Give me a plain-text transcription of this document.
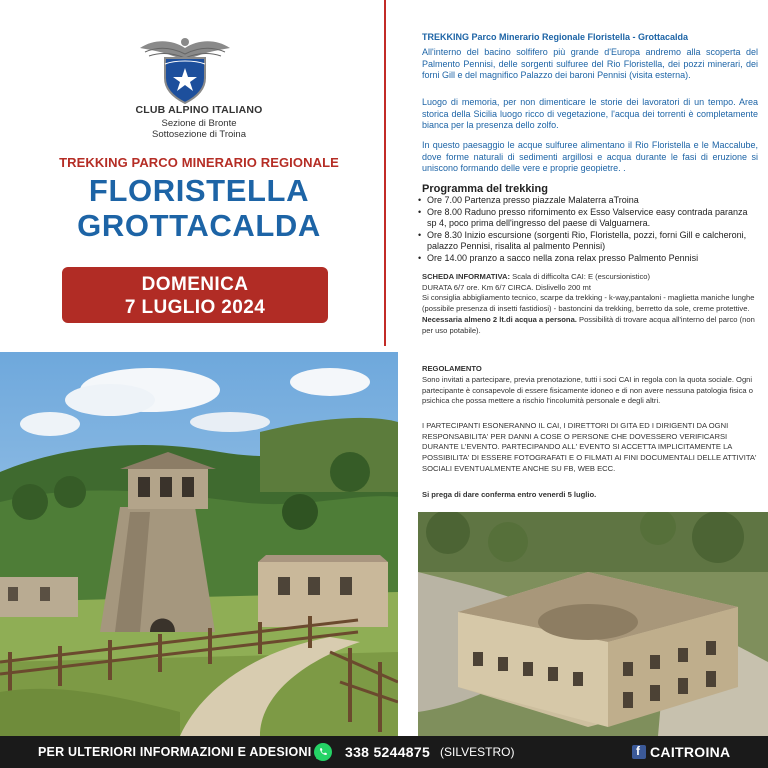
CLUB ALPINO ITALIANO
Sezione di Bronte
Sottosezione di Troina
TREKKING PARCO MINERARIO REGIONALE
FLORISTELLA
GROTTACALDA
DOMENICA
7 LUGLIO 2024
TREKKING Parco Minerario Regionale Floristella - Grottacalda
All'interno del bacino solfifero più grande d'Europa andremo alla scoperta del Palmento Pennisi, delle sorgenti sulfuree del Rio Floristella, dei pozzi minerari, dei forni Gill e del magnifico Palazzo dei baroni Pennisi (visita esterna).
Luogo di memoria, per non dimenticare le storie dei lavoratori di un tempo. Area storica della Sicilia luogo ricco di vegetazione, l'acqua dei torrenti è completamente bianca per la presenza dello zolfo.
In questo paesaggio le acque sulfuree alimentano il Rio Floristella e le Maccalube, dove forme naturali di sedimenti argillosi e acqua durante le fasi di eruzione si uniscono formando delle vere e proprie geopietre. .
Programma del trekking
• Ore 7.00 Partenza presso piazzale Malaterra aTroina
• Ore 8.00 Raduno presso rifornimento ex Esso Valservice easy contrada paranza sp 4, poco prima dell'ingresso del paese di Valguarnera.
• Ore 8.30 Inizio escursione (sorgenti Rio, Floristella, pozzi, forni Gill e calcheroni, palazzo Pennisi, risalita al palmento Pennisi)
• Ore 14.00 pranzo a sacco nella zona relax presso Palmento Pennisi
SCHEDA INFORMATIVA: Scala di difficolta CAI: E (escursionistico)
DURATA 6/7 ore. Km 6/7 CIRCA. Dislivello 200 mt
Si consiglia abbigliamento tecnico, scarpe da trekking - k-way,pantaloni - maglietta maniche lunghe (possibile presenza di insetti fastidiosi) - bastoncini da trekking, berretto da sole, creme protettive.
Necessaria almeno 2 lt.di acqua a persona. Possibilità di trovare acqua all'interno del parco (non per uso potabile).
REGOLAMENTO
Sono invitati a partecipare, previa prenotazione, tutti i soci CAI in regola con la quota sociale. Ogni partecipante è consapevole di essere fisicamente idoneo e di non avere nessuna patologia fisica o psichica che possa mettere a rischio l'incolumità personale e degli altri.
I PARTECIPANTI ESONERANNO IL CAI, I DIRETTORI DI GITA ED I DIRIGENTI DA OGNI RESPONSABILITA' PER DANNI A COSE O PERSONE CHE DOVESSERO VERIFICARSI DURANTE L'EVENTO. PARTECIPANDO ALL' EVENTO SI ACCETTA IMPLICITAMENTE LA POSSIBILITA' DI ESSERE FOTOGRAFATI E O FILMATI AI FINI DOCUMENTALI DELLE ATTIVITA' SOCIALI EVENTUALMENTE ANCHE SU FB, WEB ECC.
Si prega di dare conferma entro venerdi 5 luglio.
PER ULTERIORI INFORMAZIONI E ADESIONI 338 5244875 (SILVESTRO)	f CAITROINA
